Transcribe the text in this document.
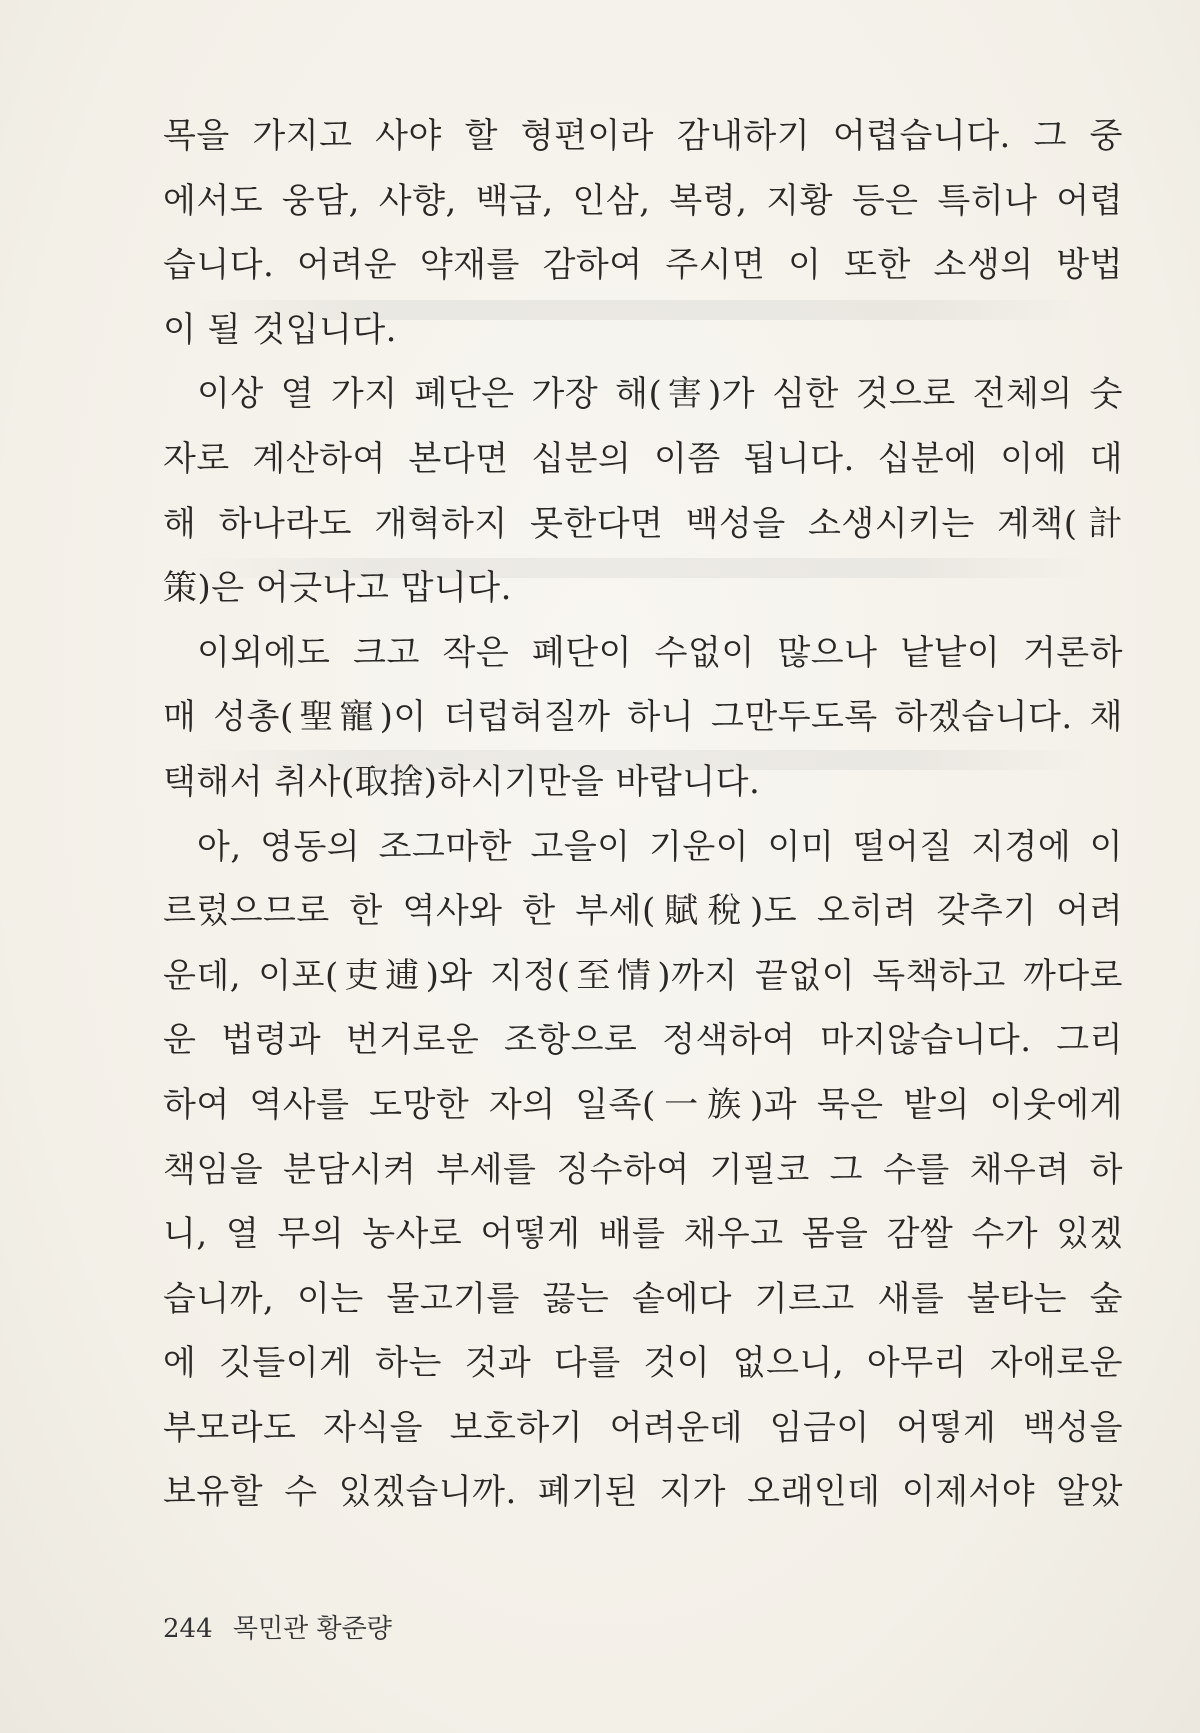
목을 가지고 사야 할 형편이라 감내하기 어렵습니다. 그 중
에서도 웅담, 사향, 백급, 인삼, 복령, 지황 등은 특히나 어렵
습니다. 어려운 약재를 감하여 주시면 이 또한 소생의 방법
이 될 것입니다.
이상 열 가지 폐단은 가장 해(害)가 심한 것으로 전체의 숫
자로 계산하여 본다면 십분의 이쯤 됩니다. 십분에 이에 대
해 하나라도 개혁하지 못한다면 백성을 소생시키는 계책(計
策)은 어긋나고 맙니다.
이외에도 크고 작은 폐단이 수없이 많으나 낱낱이 거론하
매 성총(聖寵)이 더럽혀질까 하니 그만두도록 하겠습니다. 채
택해서 취사(取捨)하시기만을 바랍니다.
아, 영동의 조그마한 고을이 기운이 이미 떨어질 지경에 이
르렀으므로 한 역사와 한 부세(賦稅)도 오히려 갖추기 어려
운데, 이포(吏逋)와 지정(至情)까지 끝없이 독책하고 까다로
운 법령과 번거로운 조항으로 정색하여 마지않습니다. 그리
하여 역사를 도망한 자의 일족(一族)과 묵은 밭의 이웃에게
책임을 분담시켜 부세를 징수하여 기필코 그 수를 채우려 하
니, 열 무의 농사로 어떻게 배를 채우고 몸을 감쌀 수가 있겠
습니까, 이는 물고기를 끓는 솥에다 기르고 새를 불타는 숲
에 깃들이게 하는 것과 다를 것이 없으니, 아무리 자애로운
부모라도 자식을 보호하기 어려운데 임금이 어떻게 백성을
보유할 수 있겠습니까. 폐기된 지가 오래인데 이제서야 알았
244 목민관 황준량
